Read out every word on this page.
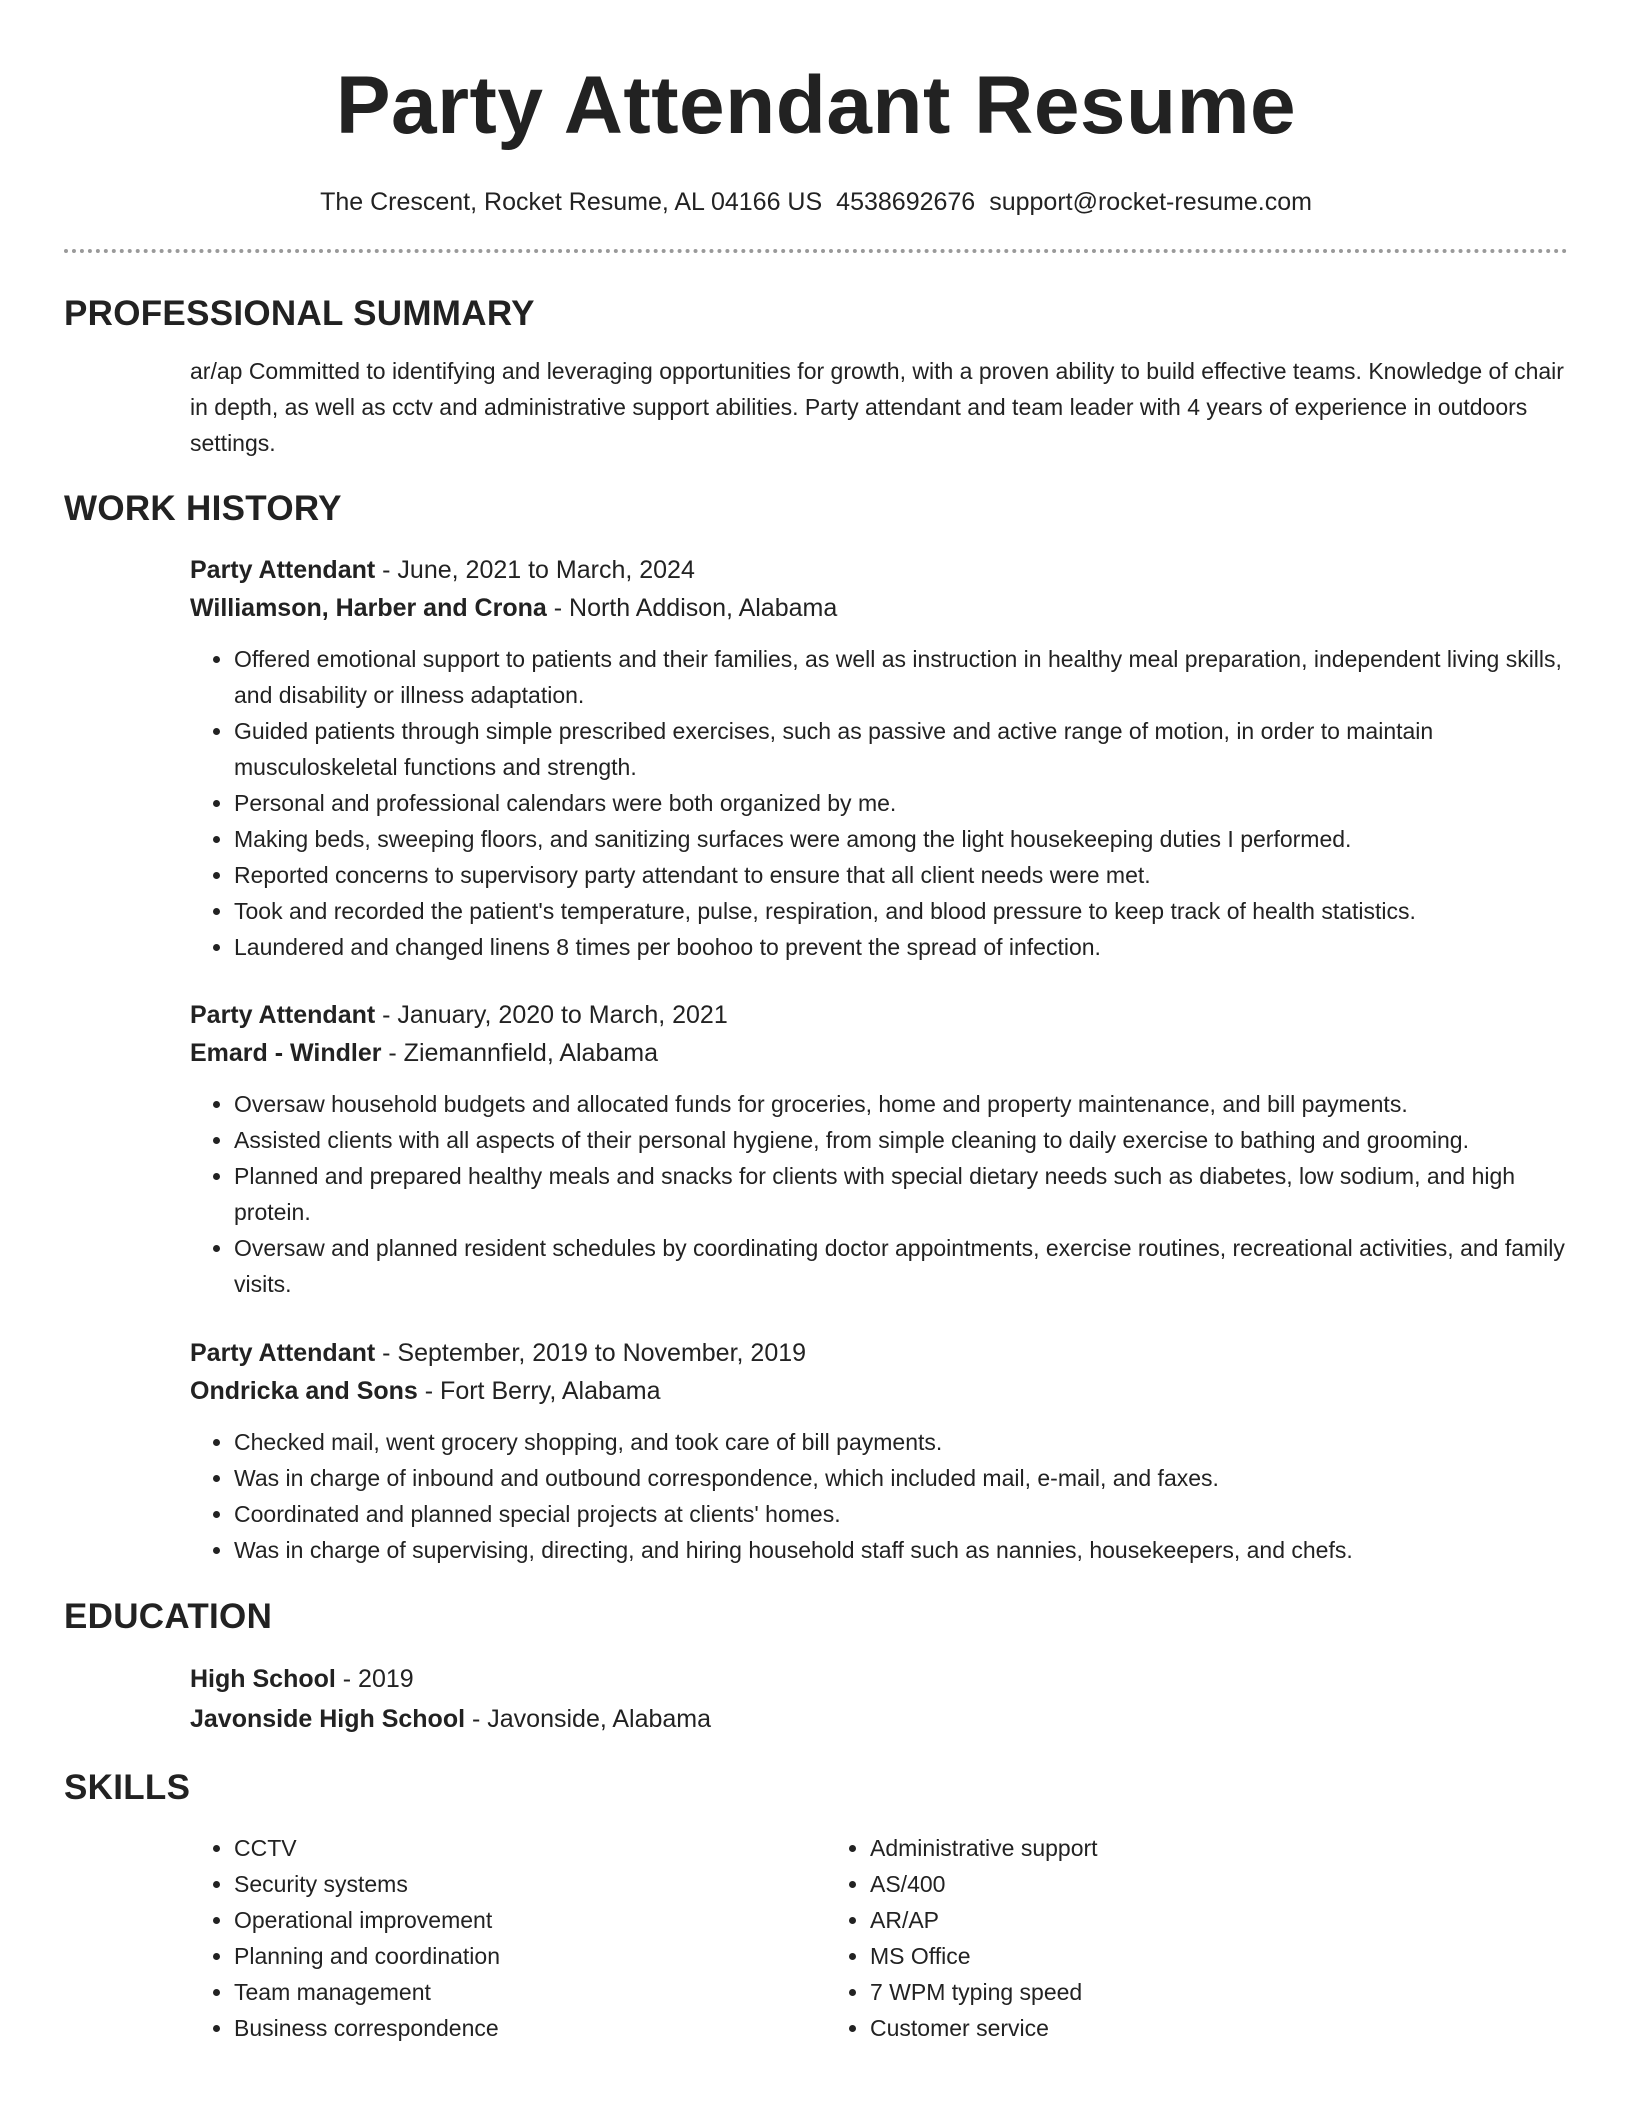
Party Attendant Resume
The Crescent, Rocket Resume, AL 04166 US 4538692676 support@rocket-resume.com
PROFESSIONAL SUMMARY

ar/ap Committed to identifying and leveraging opportunities for growth, with a proven ability to build effective teams. Knowledge of chair in depth, as well as cctv and administrative support abilities. Party attendant and team leader with 4 years of experience in outdoors settings.

WORK HISTORY
Party Attendant - June, 2021 to March, 2024
Williamson, Harber and Crona - North Addison, Alabama
• Offered emotional support to patients and their families, as well as instruction in healthy meal preparation, independent living skills, and disability or illness adaptation.
• Guided patients through simple prescribed exercises, such as passive and active range of motion, in order to maintain musculoskeletal functions and strength.
• Personal and professional calendars were both organized by me.
• Making beds, sweeping floors, and sanitizing surfaces were among the light housekeeping duties I performed.
• Reported concerns to supervisory party attendant to ensure that all client needs were met.
• Took and recorded the patient's temperature, pulse, respiration, and blood pressure to keep track of health statistics.
• Laundered and changed linens 8 times per boohoo to prevent the spread of infection.
Party Attendant - January, 2020 to March, 2021
Emard - Windler - Ziemannfield, Alabama
• Oversaw household budgets and allocated funds for groceries, home and property maintenance, and bill payments.
• Assisted clients with all aspects of their personal hygiene, from simple cleaning to daily exercise to bathing and grooming.
• Planned and prepared healthy meals and snacks for clients with special dietary needs such as diabetes, low sodium, and high protein.
• Oversaw and planned resident schedules by coordinating doctor appointments, exercise routines, recreational activities, and family visits.
Party Attendant - September, 2019 to November, 2019
Ondricka and Sons - Fort Berry, Alabama
• Checked mail, went grocery shopping, and took care of bill payments.
• Was in charge of inbound and outbound correspondence, which included mail, e-mail, and faxes.
• Coordinated and planned special projects at clients' homes.
• Was in charge of supervising, directing, and hiring household staff such as nannies, housekeepers, and chefs.
EDUCATION
High School - 2019
Javonside High School - Javonside, Alabama
SKILLS
• CCTV
• Security systems
• Operational improvement
• Planning and coordination
• Team management
• Business correspondence
• Administrative support
• AS/400
• AR/AP
• MS Office
• 7 WPM typing speed
• Customer service
